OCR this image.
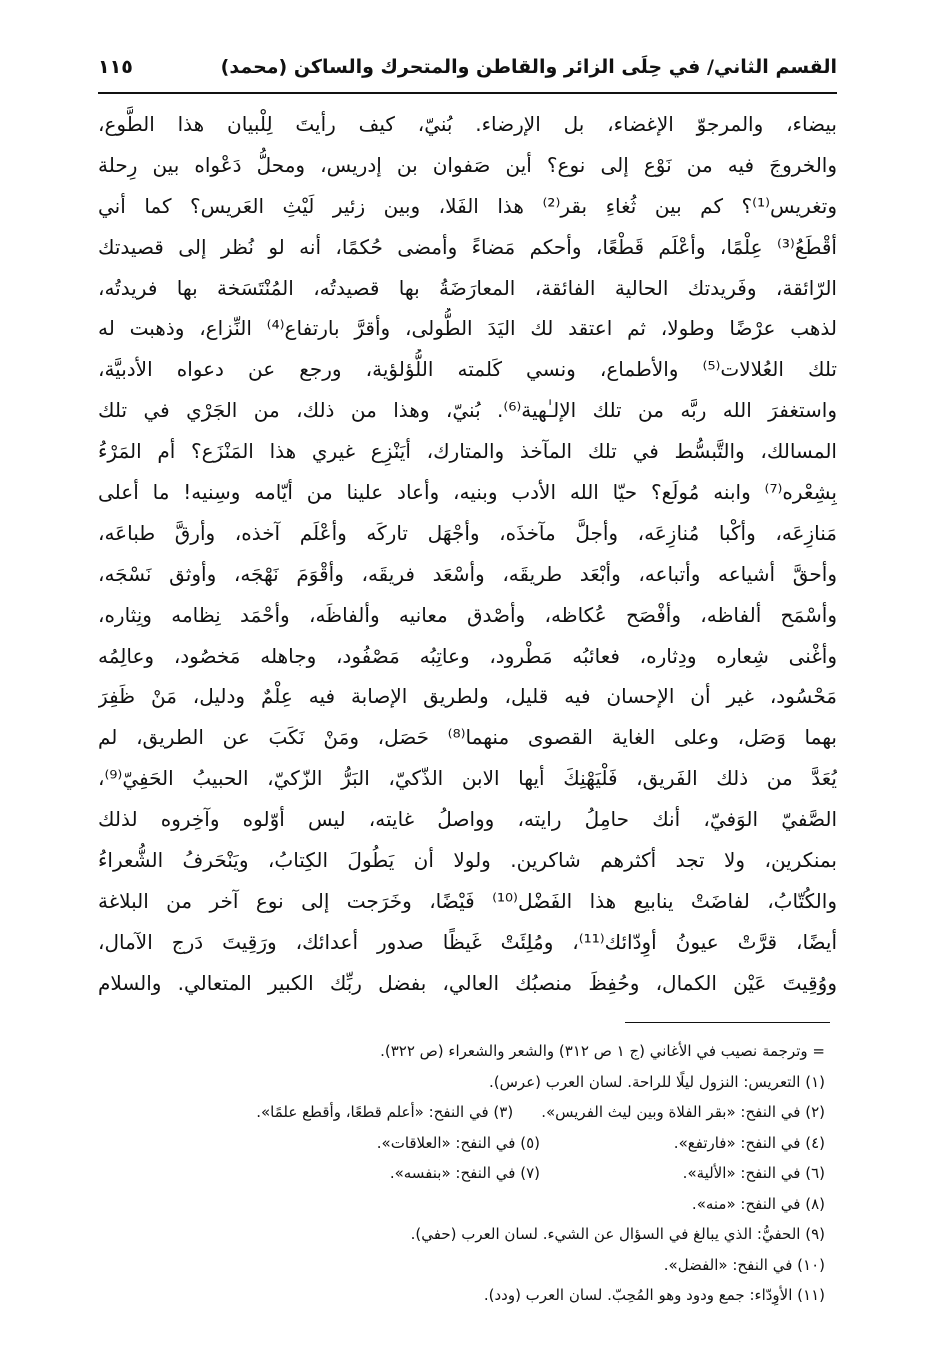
القسم الثاني/ في حِلَى الزائر والقاطن والمتحرك والساكن (محمد)
١١٥
بيضاء، والمرجوّ الإغضاء، بل الإرضاء. بُنيّ، كيف رأيتَ لِلْبيان هذا الطَّوع،
والخروجَ فيه من نَوْع إلى نوع؟ أين صَفوان بن إدريس، ومحلُّ دَعْواه بين رِحلة
وتغريس⁽¹⁾؟ كم بين ثُغاءِ بقر⁽²⁾ هذا الفَلا، وبين زئير لَيْثِ العَريس؟ كما أني
أقْطَعُ⁽³⁾ عِلْمًا، وأعْلَم قَطْعًا، وأحكم مَضاءً وأمضى حُكمًا، أنه لو نُظر إلى قصيدتك
الرّائقة، وفَريدتك الحالية الفائقة، المعارَضَةُ بها قصيدتُه، المُنْتَسَخة بها فريدتُه،
لذهب عرْضًا وطولا، ثم اعتقد لك اليَدَ الطُّولى، وأقرَّ بارتفاع⁽⁴⁾ النِّزاع، وذهبت له
تلك العُلالات⁽⁵⁾ والأطماع، ونسي كَلمته اللُّؤلؤية، ورجع عن دعواه الأدبيَّة،
واستغفرَ الله ربَّه من تلك الإلـٰهية⁽⁶⁾. بُنيّ، وهذا من ذلك، من الجَرْي في تلك
المسالك، والتَّبسُّط في تلك المآخذ والمتارك، أيَنْزِع غيري هذا المَنْزَع؟ أم المَرْءُ
بِشِعْره⁽⁷⁾ وابنه مُولَع؟ حيّا الله الأدب وبنيه، وأعاد علينا من أيّامه وسِنيه! ما أعلى
مَنازِعَه، وأكْبا مُنازِعَه، وأجلَّ مآخذَه، وأجْهَل تاركَه وأعْلَم آخذه، وأرقَّ طباعَه،
وأحقَّ أشياعه وأتباعه، وأبْعَد طريقَه، وأسْعَد فريقَه، وأقْوَمَ نَهْجَه، وأوثق نَسْجَه،
وأسْمَح ألفاظه، وأفْصَح عُكاظه، وأصْدق معانيه وألفاظَه، وأحْمَد نِظامه ونِثاره،
وأغْنى شِعاره ودِثاره، فعائبُه مَطْرود، وعاتِبُه مَصْفُود، وجاهله مَخصُود، وعالِمُه
مَحْسُود، غير أن الإحسان فيه قليل، ولطريق الإصابة فيه عِلْمٌ ودليل، مَنْ ظَفِرَ
بهما وَصَل، وعلى الغاية القصوى منهما⁽⁸⁾ حَصَل، ومَنْ نَكَبَ عن الطريق، لم
يُعَدَّ من ذلك الفَريق، فَلْيَهْنِكَ أيها الابن الذّكيّ، البَرُّ الزّكيّ، الحبيبُ الحَفِيّ⁽⁹⁾،
الصَّفيّ الوَفيّ، أنك حامِلُ رايته، وواصلُ غايته، ليس أوّلوه وآخِروه لذلك
بمنكرين، ولا تجد أكثرهم شاكرين. ولولا أن يَطُولَ الكِتابُ، ويَنْحَرفُ الشُّعراءُ
والكُتّابُ، لفاضَتْ ينابيع هذا الفَضْل⁽¹⁰⁾ فَيْضًا، وخَرَجت إلى نوع آخر من البلاغة
أيضًا، قرَّتْ عيونُ أوِدّائك⁽¹¹⁾، ومُلِئَتْ غَيظًا صدور أعدائك، ورَقِيتَ دَرج الآمال،
ووُقِيتَ عَيْن الكمال، وحُفِظَ منصبُك العالي، بفضل ربِّك الكبير المتعالي. والسلام
= وترجمة نصيب في الأغاني (ج ١ ص ٣١٢) والشعر والشعراء (ص ٣٢٢).
(١) التعريس: النزول ليلًا للراحة. لسان العرب (عرس).
(٢) في النفح: «بقر الفلاة وبين ليث الفريس».
(٣) في النفح: «أعلم قطعًا، وأقطع علمًا».
(٤) في النفح: «فارتفع».
(٥) في النفح: «العلاقات».
(٦) في النفح: «الألية».
(٧) في النفح: «بنفسه».
(٨) في النفح: «منه».
(٩) الحفيُّ: الذي يبالغ في السؤال عن الشيء. لسان العرب (حفي).
(١٠) في النفح: «الفضل».
(١١) الأوِدّاء: جمع ودود وهو المُحِبّ. لسان العرب (ودد).
